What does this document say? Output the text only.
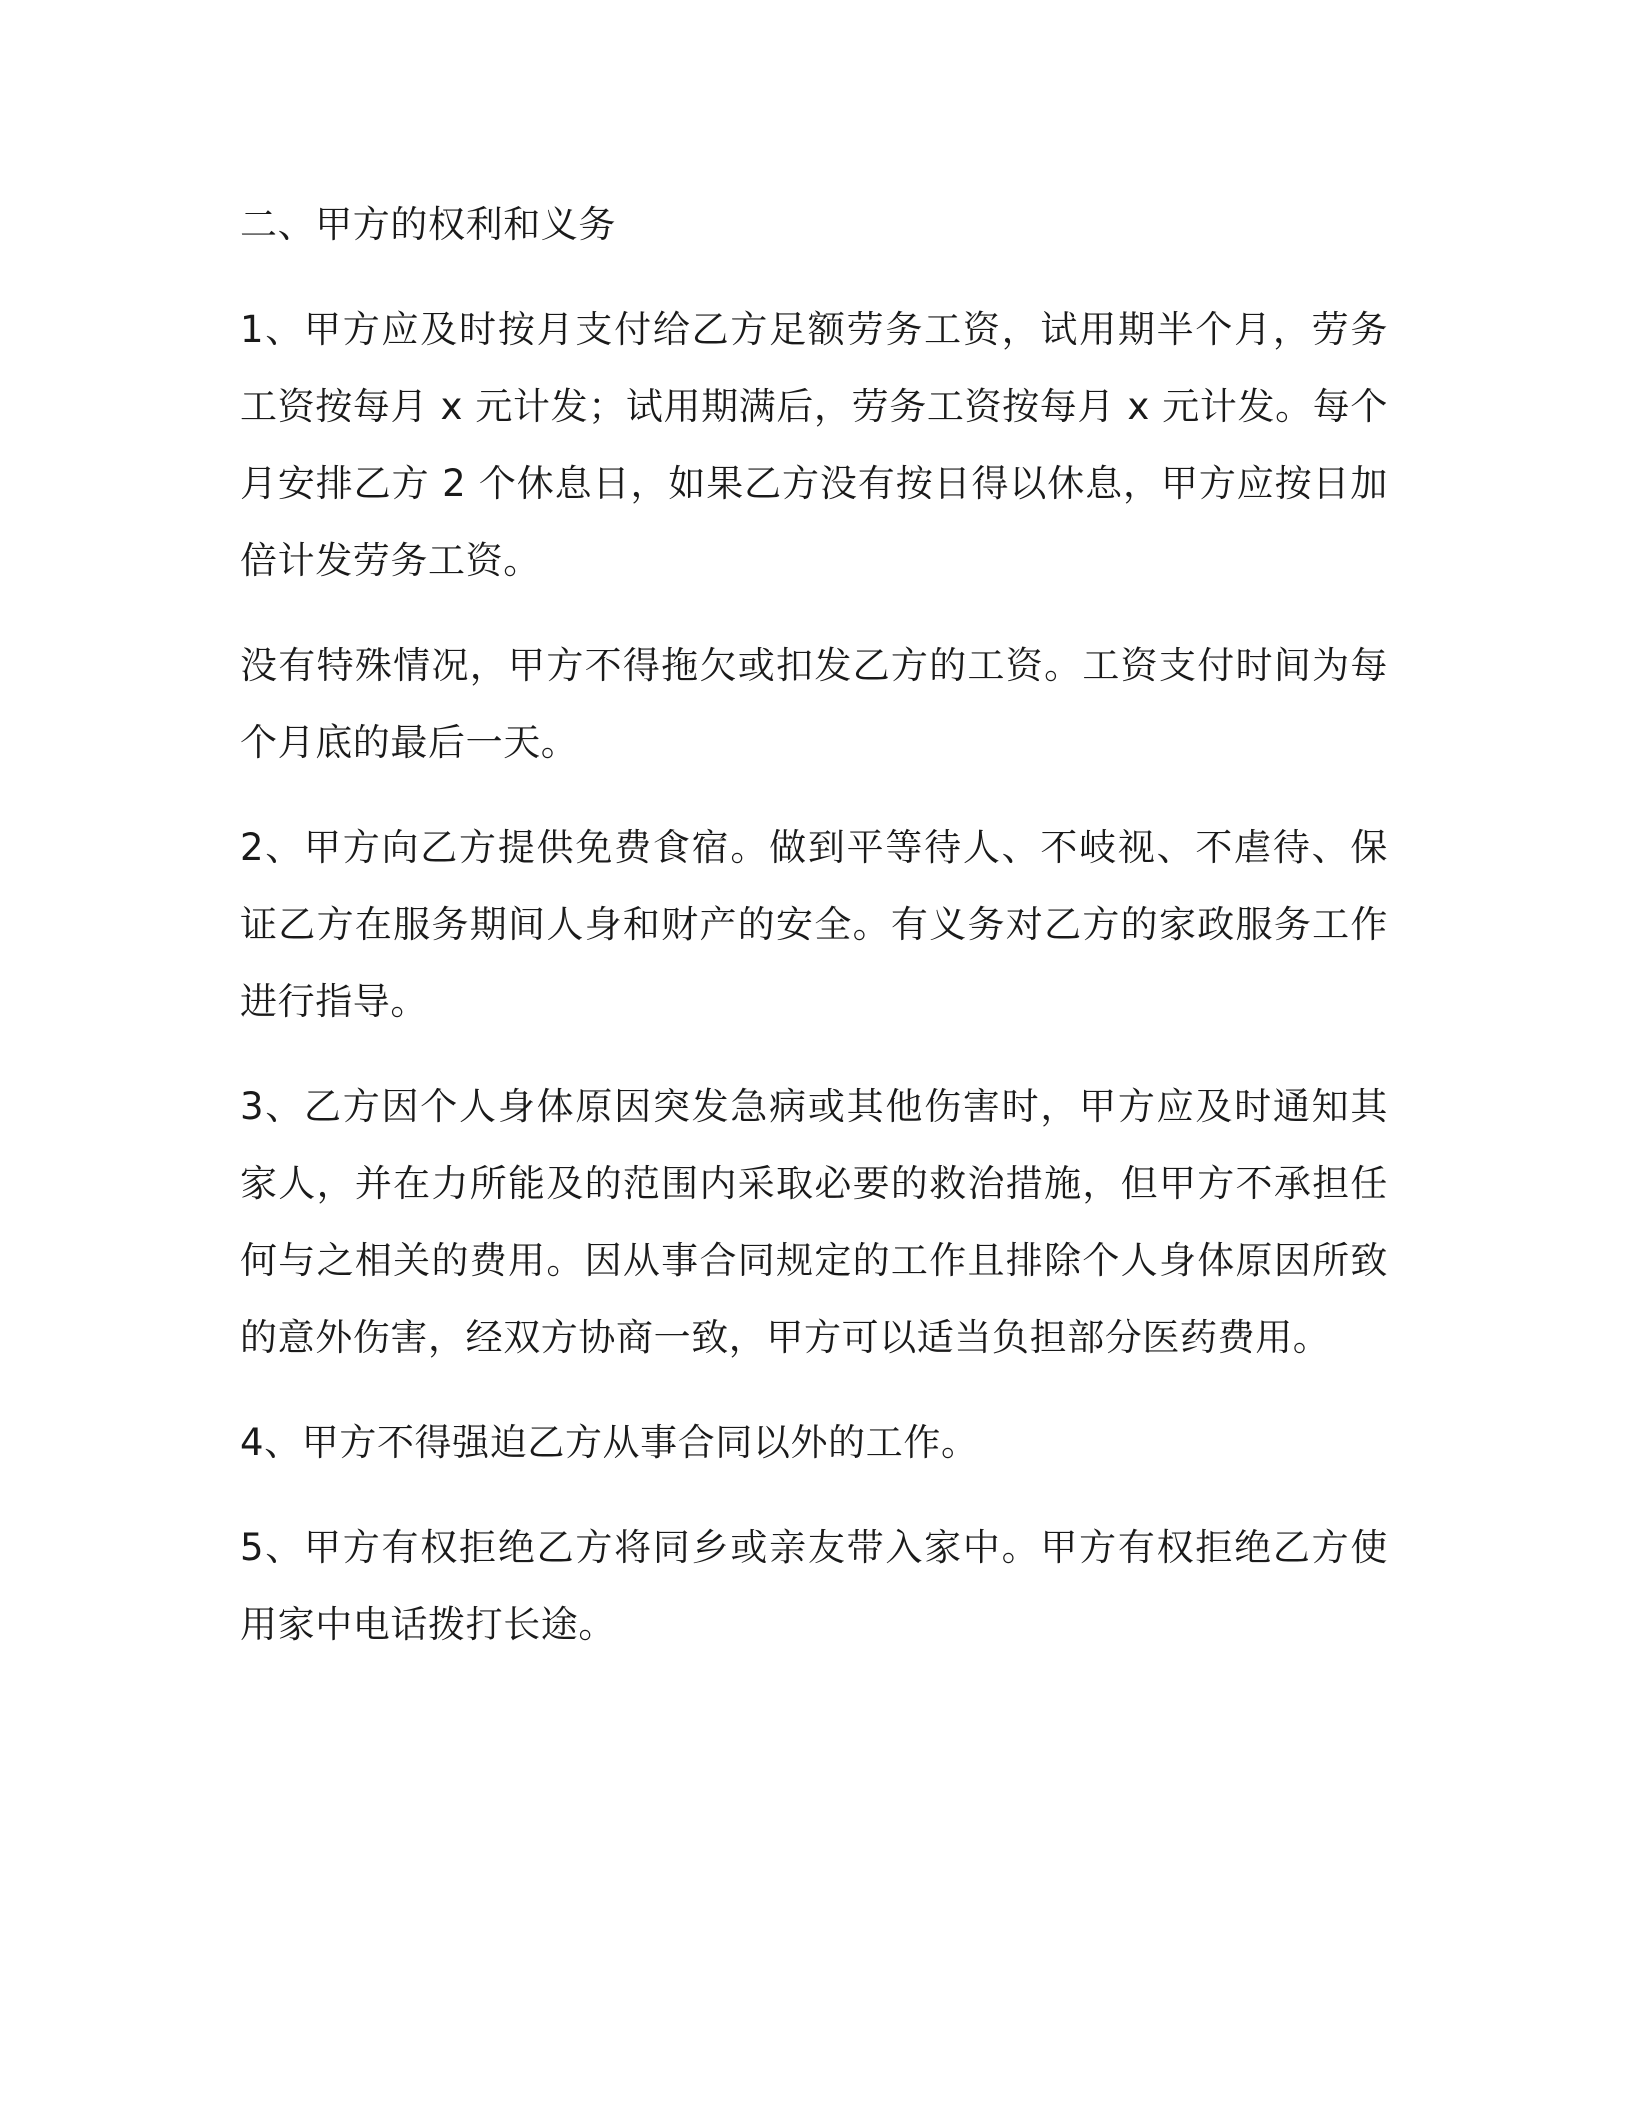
二、甲方的权利和义务

1、甲方应及时按月支付给乙方足额劳务工资，试用期半个月，劳务工资按每月 x 元计发；试用期满后，劳务工资按每月 x 元计发。每个月安排乙方 2 个休息日，如果乙方没有按日得以休息，甲方应按日加倍计发劳务工资。

没有特殊情况，甲方不得拖欠或扣发乙方的工资。工资支付时间为每个月底的最后一天。

2、甲方向乙方提供免费食宿。做到平等待人、不岐视、不虐待、保证乙方在服务期间人身和财产的安全。有义务对乙方的家政服务工作进行指导。

3、乙方因个人身体原因突发急病或其他伤害时，甲方应及时通知其家人，并在力所能及的范围内采取必要的救治措施，但甲方不承担任何与之相关的费用。因从事合同规定的工作且排除个人身体原因所致的意外伤害，经双方协商一致，甲方可以适当负担部分医药费用。

4、甲方不得强迫乙方从事合同以外的工作。

5、甲方有权拒绝乙方将同乡或亲友带入家中。甲方有权拒绝乙方使用家中电话拨打长途。
